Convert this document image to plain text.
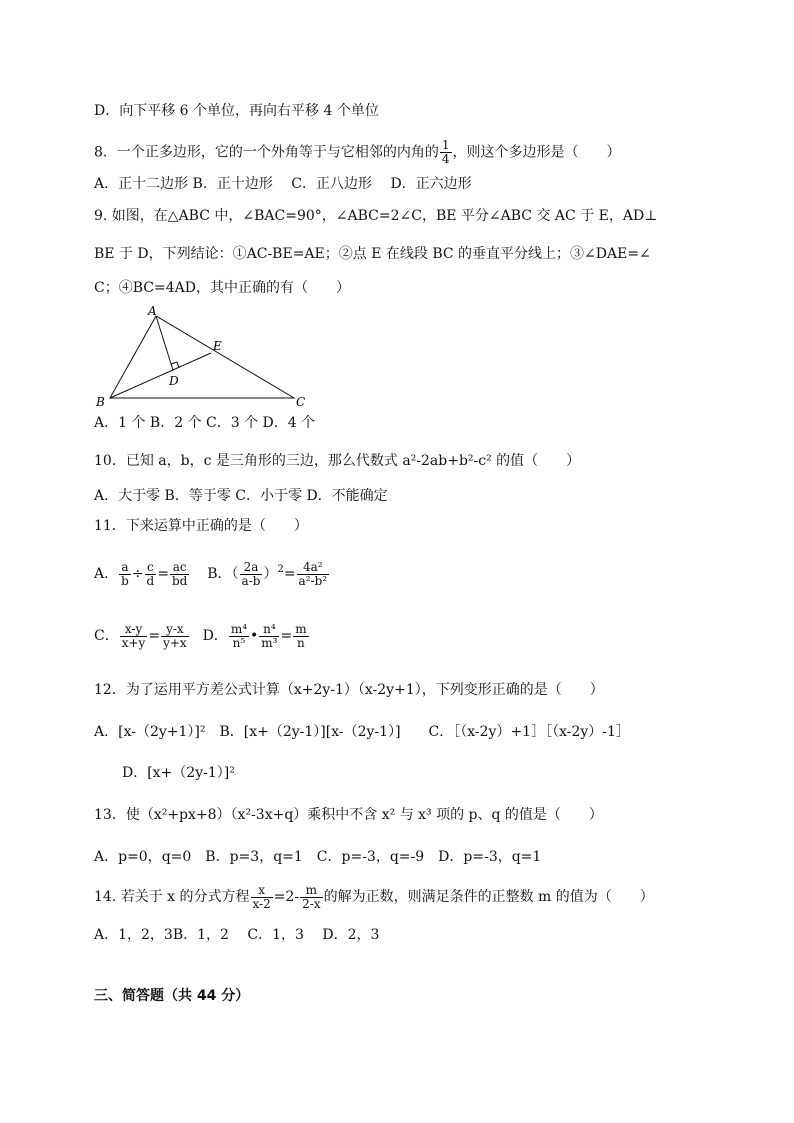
D．向下平移 6 个单位，再向右平移 4 个单位
8．一个正多边形，它的一个外角等于与它相邻的内角的 $\frac{1}{4}$ ，则这个多边形是（　　）
A．正十二边形 B．正十边形　 C．正八边形　 D．正六边形
9. 如图，在△ABC 中，∠BAC=90°，∠ABC=2∠C，BE 平分∠ABC 交 AC 于 E，AD⊥
BE 于 D，下列结论：①AC-BE=AE；②点 E 在线段 BC 的垂直平分线上；③∠DAE=∠
C；④BC=4AD，其中正确的有（　　）
A
B	C
D
E
A．1 个 B．2 个 C．3 个 D．4 个
10．已知 a，b，c 是三角形的三边，那么代数式 a²-2ab+b²-c² 的值（　　）
A．大于零 B．等于零 C．小于零 D．不能确定
11．下来运算中正确的是（　　）
A． $\frac{a}{b} \div \frac{c}{d} = \frac{ac}{bd}$ B．（ $\frac{2a}{a-b} )^2= \frac{\text{4a²}}{\text{a²-b²}}$
C． $\frac{x-y}{x+y} = \frac{y-x}{y+x}$ D． $\frac{\text{m⁴}}{\text{n⁵}}$ • $\frac{\text{n⁴}}{\text{m³}} = \frac{m}{n}$
12．为了运用平方差公式计算（x+2y-1）（x-2y+1），下列变形正确的是（　　）
A．[x-（2y+1）]²　B．[x+（2y-1）][x-（2y-1）]　　C．［（x-2y）+1］［（x-2y）-1］
D．[x+（2y-1）]²
13．使（x²+px+8）（x²-3x+q）乘积中不含 x² 与 x³ 项的 p、q 的值是（　　）
A．p=0，q=0　B．p=3，q=1　C．p=-3，q=-9　D．p=-3，q=1
14. 若关于 x 的分式方程 $\frac{x}{x-2} =2- \frac{m}{2-x}$ 的解为正数，则满足条件的正整数 m 的值为（　　）
A．1，2，3B．1，2　 C．1，3　 D．2，3
三、简答题（共 44 分）
